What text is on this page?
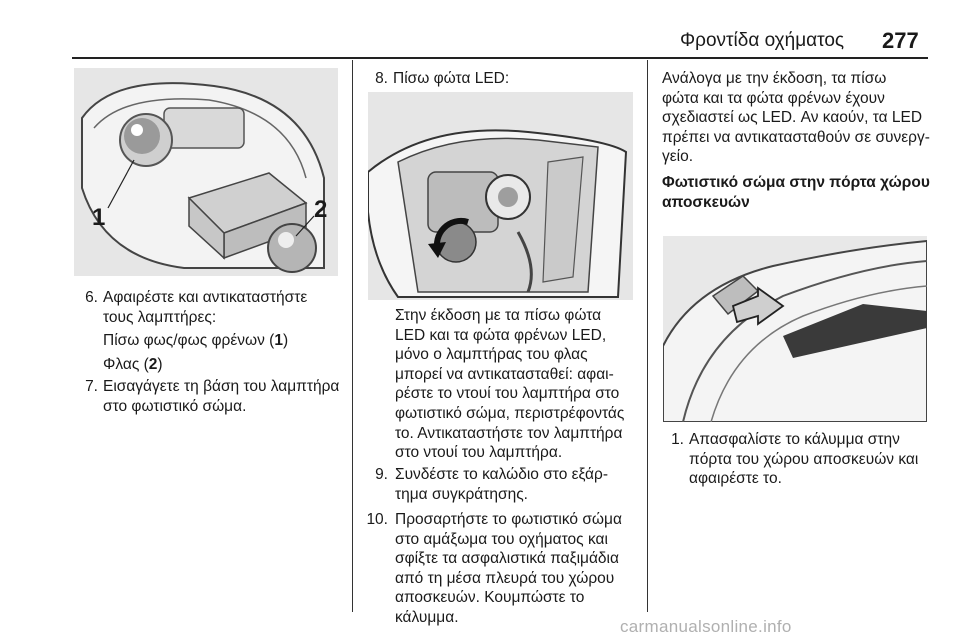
Φροντίδα οχήματος 277
1	2
6. Αφαιρέστε και αντικαταστήστε
τους λαμπτήρες:
Πίσω φως/φως φρένων (1)
Φλας (2)
7. Εισαγάγετε τη βάση του λαμπτήρα
στο φωτιστικό σώμα.
8. Πίσω φώτα LED:
Στην έκδοση με τα πίσω φώτα
LED και τα φώτα φρένων LED,
μόνο ο λαμπτήρας του φλας
μπορεί να αντικατασταθεί: αφαι-
ρέστε το ντουί του λαμπτήρα στο
φωτιστικό σώμα, περιστρέφοντάς
το. Αντικαταστήστε τον λαμπτήρα
στο ντουί του λαμπτήρα.
9. Συνδέστε το καλώδιο στο εξάρ-
τημα συγκράτησης.
10. Προσαρτήστε το φωτιστικό σώμα
στο αμάξωμα του οχήματος και
σφίξτε τα ασφαλιστικά παξιμάδια
από τη μέσα πλευρά του χώρου
αποσκευών. Κουμπώστε το
κάλυμμα.
Ανάλογα με την έκδοση, τα πίσω
φώτα και τα φώτα φρένων έχουν
σχεδιαστεί ως LED. Αν καούν, τα LED
πρέπει να αντικατασταθούν σε συνεργ-
γείο.
Φωτιστικό σώμα στην πόρτα χώρου
αποσκευών
1. Απασφαλίστε το κάλυμμα στην
πόρτα του χώρου αποσκευών και
αφαιρέστε το.
carmanualsonline.info
